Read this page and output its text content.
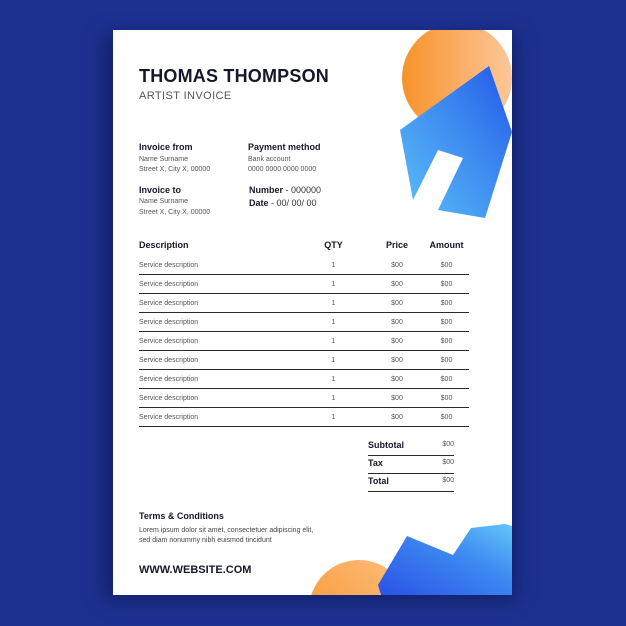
THOMAS THOMPSON
ARTIST INVOICE
Invoice from
Name Surname
Street X, City X, 00000
Invoice to
Name Surname
Street X, City X, 00000
Payment method
Bank account
0000 0000 0000 0000
Number - 000000
Date - 00/ 00/ 00
Description	QTY	Price	Amount
Service description	1	$00	$00
Service description	1	$00	$00
Service description	1	$00	$00
Service description	1	$00	$00
Service description	1	$00	$00
Service description	1	$00	$00
Service description	1	$00	$00
Service description	1	$00	$00
Service description	1	$00	$00
Subtotal	$00
Tax	$00
Total	$00
Terms & Conditions
Lorem ipsum dolor sit amet, consectetuer adipiscing elit, sed diam nonummy nibh euismod tincidunt
WWW.WEBSITE.COM
